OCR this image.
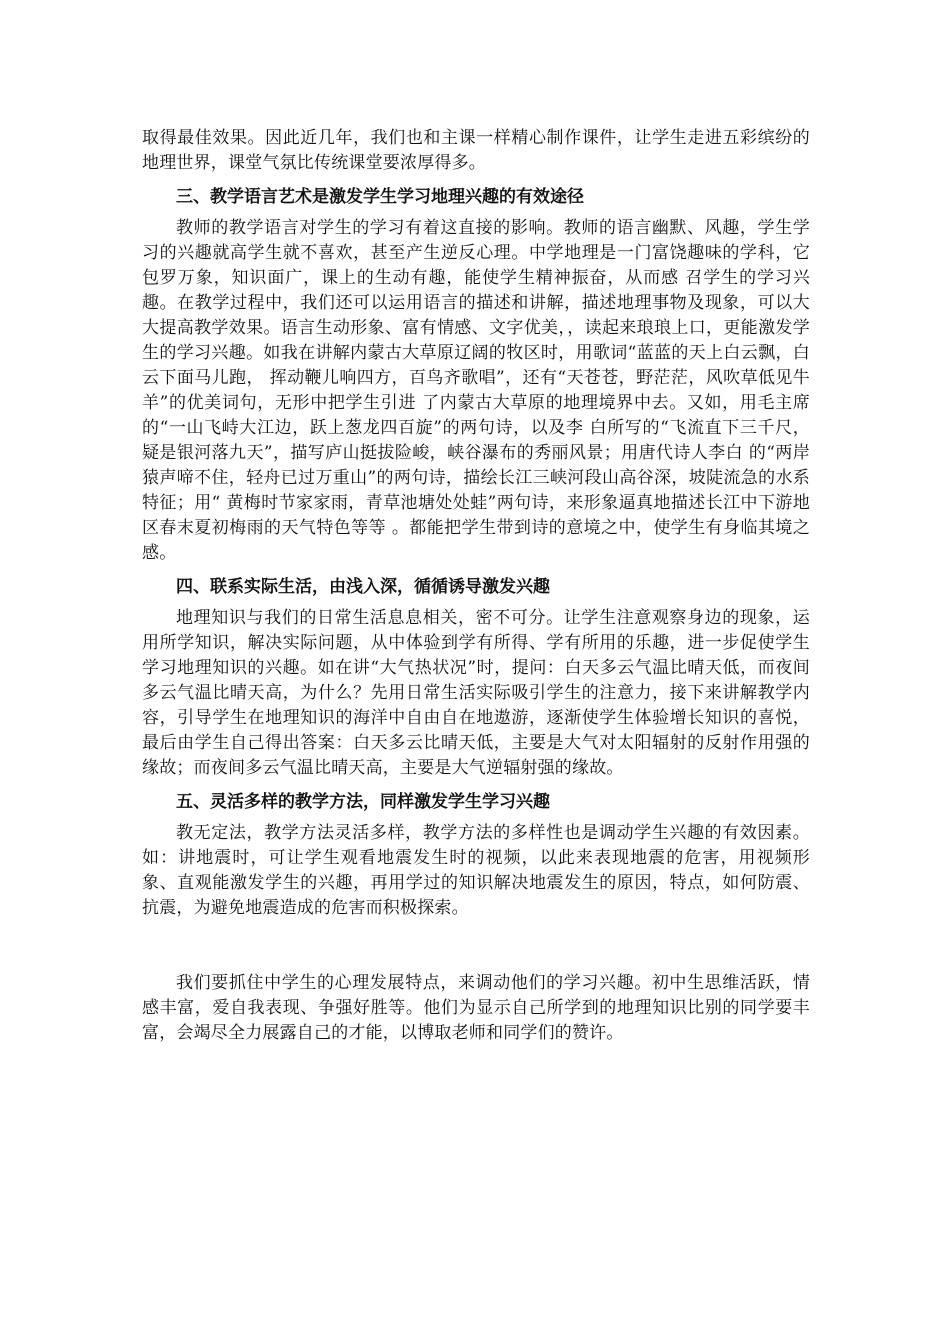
取得最佳效果。因此近几年，我们也和主课一样精心制作课件，让学生走进五彩缤纷的地理世界，课堂气氛比传统课堂要浓厚得多。

三、教学语言艺术是激发学生学习地理兴趣的有效途径

教师的教学语言对学生的学习有着这直接的影响。教师的语言幽默、风趣，学生学习的兴趣就高学生就不喜欢，甚至产生逆反心理。中学地理是一门富饶趣味的学科，它包罗万象，知识面广，课上的生动有趣，能使学生精神振奋，从而感 召学生的学习兴趣。在教学过程中，我们还可以运用语言的描述和讲解，描述地理事物及现象，可以大大提高教学效果。语言生动形象、富有情感、文字优美，，读起来琅琅上口，更能激发学生的学习兴趣。如我在讲解内蒙古大草原辽阔的牧区时，用歌词“蓝蓝的天上白云飘，白云下面马儿跑， 挥动鞭儿响四方，百鸟齐歌唱”，还有“天苍苍，野茫茫，风吹草低见牛羊”的优美词句，无形中把学生引进 了内蒙古大草原的地理境界中去。又如，用毛主席的“一山飞峙大江边，跃上葱龙四百旋”的两句诗，以及李 白所写的“飞流直下三千尺，疑是银河落九天”，描写庐山挺拔险峻，峡谷瀑布的秀丽风景；用唐代诗人李白 的“两岸猿声啼不住，轻舟已过万重山”的两句诗，描绘长江三峡河段山高谷深，坡陡流急的水系特征；用“ 黄梅时节家家雨，青草池塘处处蛙”两句诗，来形象逼真地描述长江中下游地区春末夏初梅雨的天气特色等等 。都能把学生带到诗的意境之中，使学生有身临其境之感。

四、联系实际生活，由浅入深，循循诱导激发兴趣

地理知识与我们的日常生活息息相关，密不可分。让学生注意观察身边的现象，运用所学知识，解决实际问题，从中体验到学有所得、学有所用的乐趣，进一步促使学生学习地理知识的兴趣。如在讲“大气热状况”时，提问：白天多云气温比晴天低，而夜间多云气温比晴天高，为什么？先用日常生活实际吸引学生的注意力，接下来讲解教学内容，引导学生在地理知识的海洋中自由自在地遨游，逐渐使学生体验增长知识的喜悦，最后由学生自己得出答案：白天多云比晴天低，主要是大气对太阳辐射的反射作用强的缘故；而夜间多云气温比晴天高，主要是大气逆辐射强的缘故。

五、灵活多样的教学方法，同样激发学生学习兴趣

教无定法，教学方法灵活多样，教学方法的多样性也是调动学生兴趣的有效因素。如：讲地震时，可让学生观看地震发生时的视频，以此来表现地震的危害，用视频形象、直观能激发学生的兴趣，再用学过的知识解决地震发生的原因，特点，如何防震、抗震，为避免地震造成的危害而积极探索。

我们要抓住中学生的心理发展特点，来调动他们的学习兴趣。初中生思维活跃，情感丰富，爱自我表现、争强好胜等。他们为显示自己所学到的地理知识比别的同学要丰富，会竭尽全力展露自己的才能，以博取老师和同学们的赞许。
